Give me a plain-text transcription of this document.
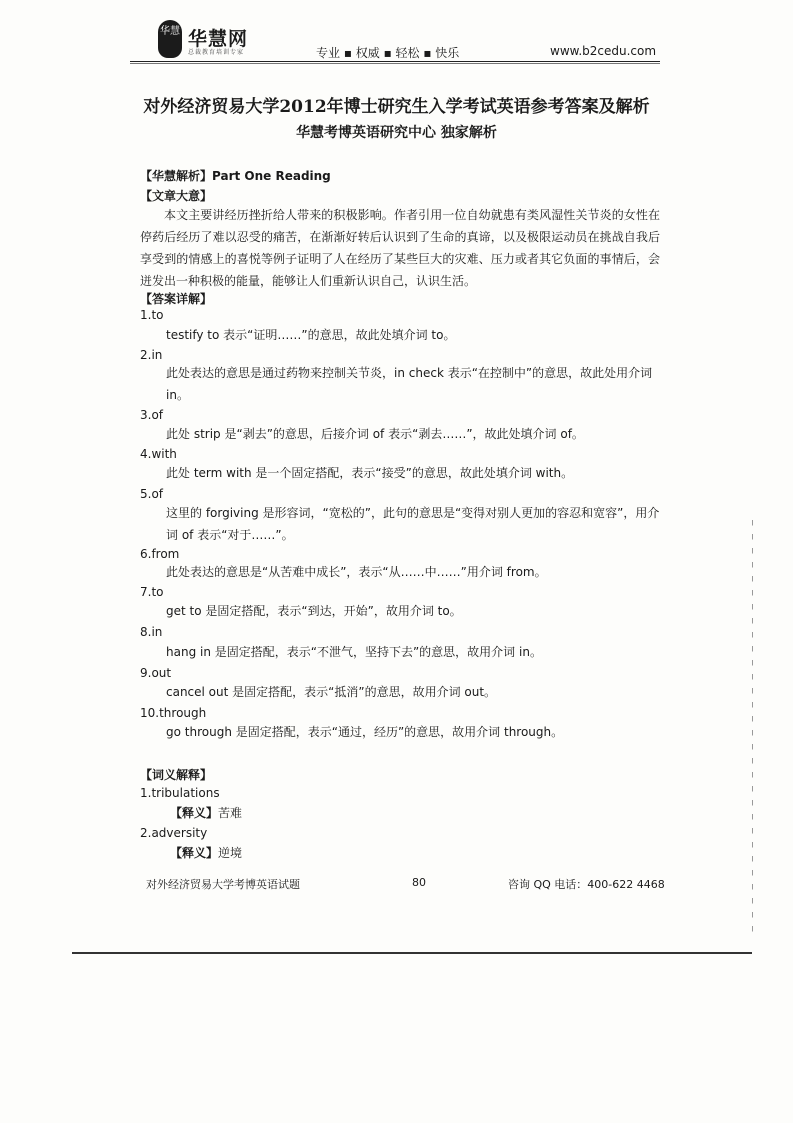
华慧 华慧网
总裁教育培训专家	专业 ▪ 权威 ▪ 轻松 ▪ 快乐	www.b2cedu.com
对外经济贸易大学2012年博士研究生入学考试英语参考答案及解析
华慧考博英语研究中心 独家解析
【华慧解析】Part One Reading
【文章大意】
本文主要讲经历挫折给人带来的积极影响。作者引用一位自幼就患有类风湿性关节炎的女性在停药后经历了难以忍受的痛苦，在渐渐好转后认识到了生命的真谛，以及极限运动员在挑战自我后享受到的情感上的喜悦等例子证明了人在经历了某些巨大的灾难、压力或者其它负面的事情后，会迸发出一种积极的能量，能够让人们重新认识自己，认识生活。
【答案详解】
1.to
testify to 表示“证明……”的意思，故此处填介词 to。
2.in
此处表达的意思是通过药物来控制关节炎，in check 表示“在控制中”的意思，故此处用介词 in。
3.of
此处 strip 是“剥去”的意思，后接介词 of 表示“剥去……”，故此处填介词 of。
4.with
此处 term with 是一个固定搭配，表示“接受”的意思，故此处填介词 with。
5.of
这里的 forgiving 是形容词，“宽松的”，此句的意思是“变得对别人更加的容忍和宽容”，用介词 of 表示“对于……”。
6.from
此处表达的意思是“从苦难中成长”，表示“从……中……”用介词 from。
7.to
get to 是固定搭配，表示“到达，开始”，故用介词 to。
8.in
hang in 是固定搭配，表示“不泄气，坚持下去”的意思，故用介词 in。
9.out
cancel out 是固定搭配，表示“抵消”的意思，故用介词 out。
10.through
go through 是固定搭配，表示“通过，经历”的意思，故用介词 through。
【词义解释】
1.tribulations
【释义】苦难
2.adversity
【释义】逆境
对外经济贸易大学考博英语试题	80	咨询 QQ 电话：400-622 4468
